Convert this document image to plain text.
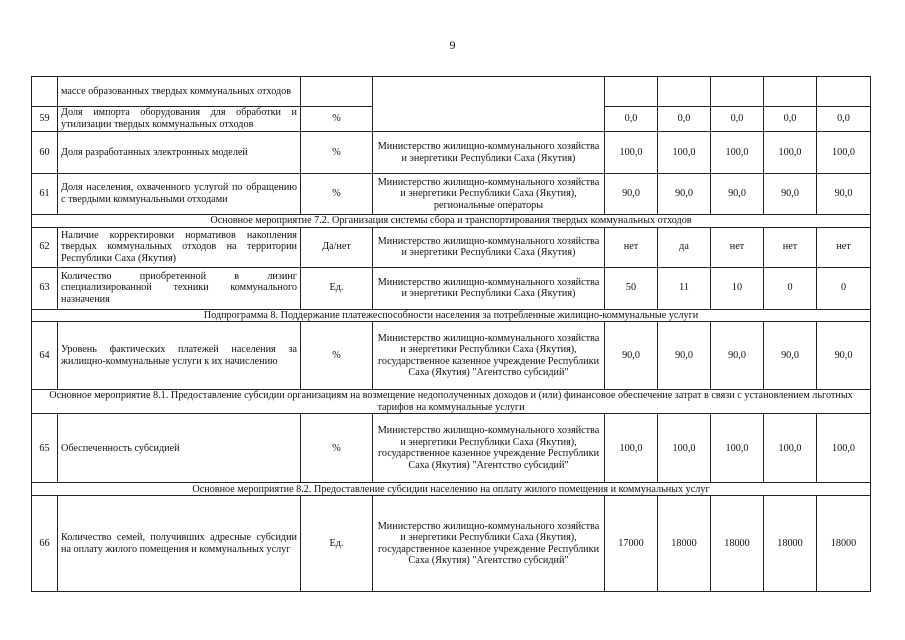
9
	массе образованных твердых коммунальных отходов							
59	Доля импорта оборудования для обработки и утилизации твердых коммунальных отходов	%		0,0	0,0	0,0	0,0	0,0
60	Доля разработанных электронных моделей	%	Министерство жилищно-коммунального хозяйства и энергетики Республики Саха (Якутия)	100,0	100,0	100,0	100,0	100,0
61	Доля населения, охваченного услугой по обращению с твердыми коммунальными отходами	%	Министерство жилищно-коммунального хозяйства и энергетики Республики Саха (Якутия), региональные операторы	90,0	90,0	90,0	90,0	90,0
Основное мероприятие 7.2. Организация системы сбора и транспортирования твердых коммунальных отходов								
62	Наличие корректировки нормативов накопления твердых коммунальных отходов на территории Республики Саха (Якутия)	Да/нет	Министерство жилищно-коммунального хозяйства и энергетики Республики Саха (Якутия)	нет	да	нет	нет	нет
63	Количество приобретенной в лизинг специализированной техники коммунального назначения	Ед.	Министерство жилищно-коммунального хозяйства и энергетики Республики Саха (Якутия)	50	11	10	0	0
Подпрограмма 8. Поддержание платежеспособности населения за потребленные жилищно-коммунальные услуги								
64	Уровень фактических платежей населения за жилищно-коммунальные услуги к их начислению	%	Министерство жилищно-коммунального хозяйства и энергетики Республики Саха (Якутия), государственное казенное учреждение Республики Саха (Якутия) "Агентство субсидий"	90,0	90,0	90,0	90,0	90,0
Основное мероприятие 8.1. Предоставление субсидии организациям на возмещение недополученных доходов и (или) финансовое обеспечение затрат в связи с установлением льготных тарифов на коммунальные услуги								
65	Обеспеченность субсидией	%	Министерство жилищно-коммунального хозяйства и энергетики Республики Саха (Якутия), государственное казенное учреждение Республики Саха (Якутия) "Агентство субсидий"	100,0	100,0	100,0	100,0	100,0
Основное мероприятие 8.2. Предоставление субсидии населению на оплату жилого помещения и коммунальных услуг								
66	Количество семей, получивших адресные субсидии на оплату жилого помещения и коммунальных услуг	Ед.	Министерство жилищно-коммунального хозяйства и энергетики Республики Саха (Якутия), государственное казенное учреждение Республики Саха (Якутия) "Агентство субсидий"	17000	18000	18000	18000	18000
